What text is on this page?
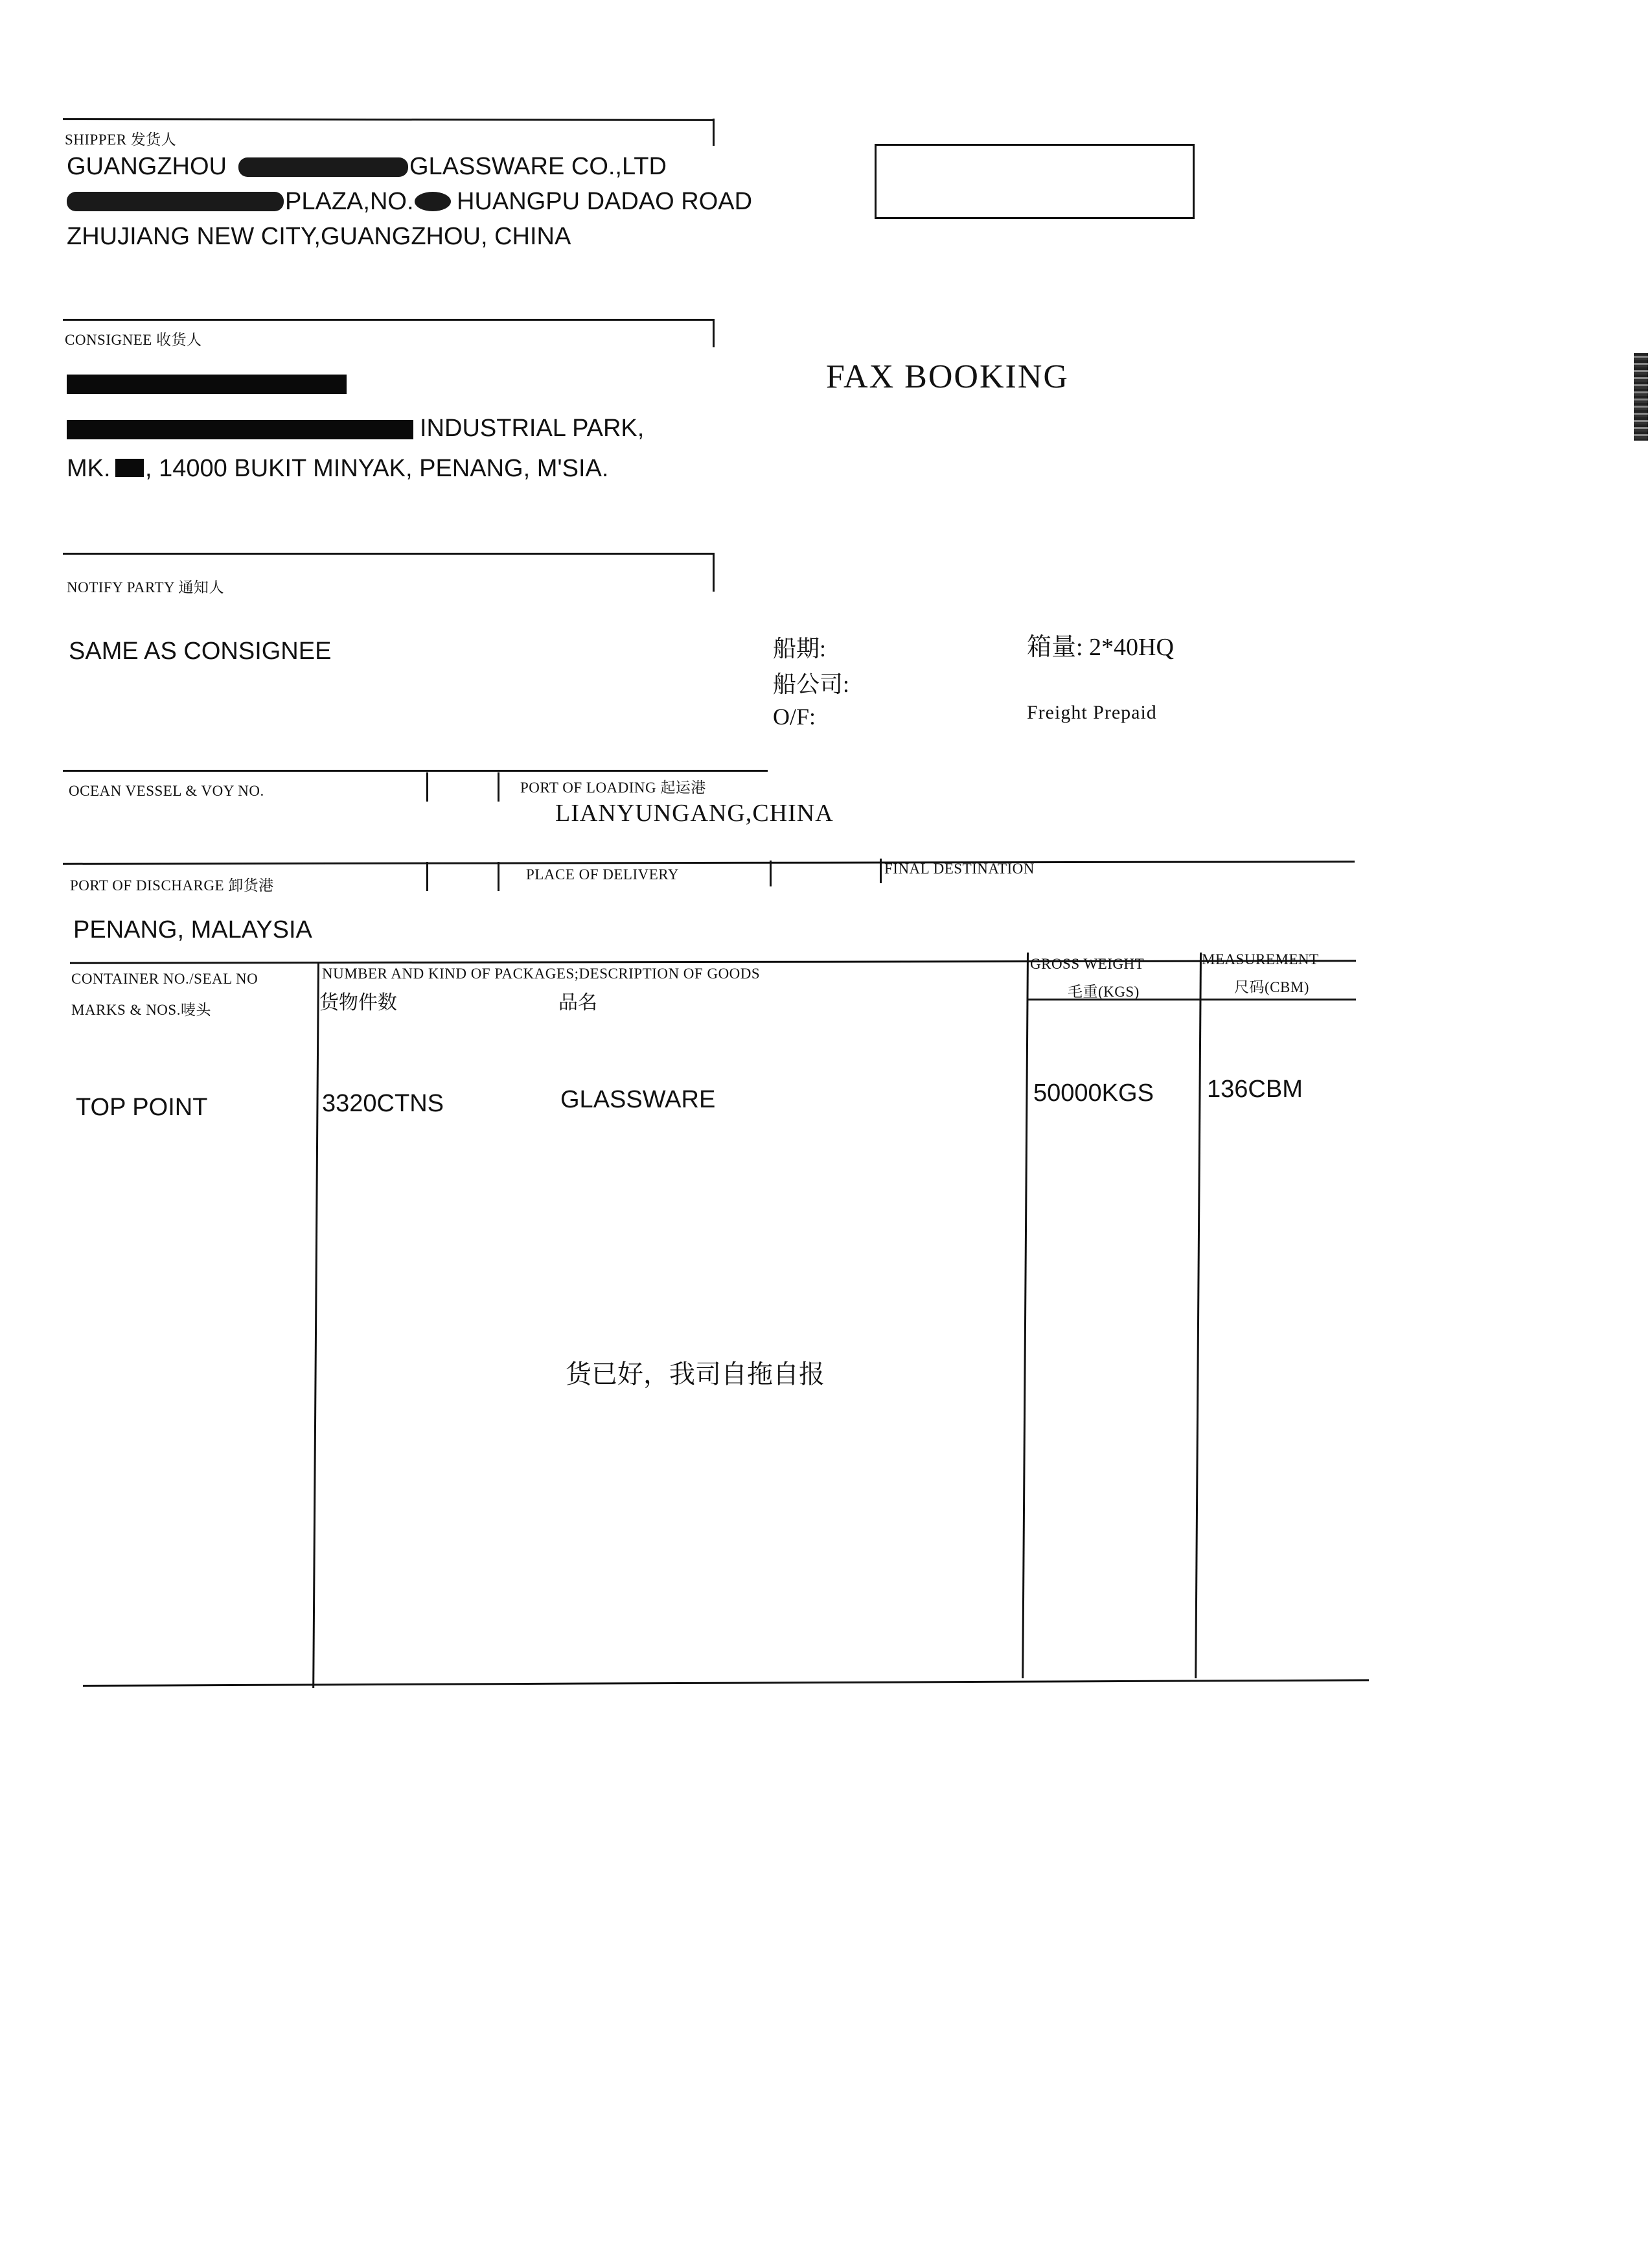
SHIPPER 发货人
GUANGZHOU	GLASSWARE CO.,LTD
PLAZA,NO. HUANGPU DADAO ROAD
ZHUJIANG NEW CITY,GUANGZHOU, CHINA
CONSIGNEE 收货人
INDUSTRIAL PARK,
MK. , 14000 BUKIT MINYAK, PENANG, M'SIA.
FAX BOOKING
NOTIFY PARTY 通知人
SAME AS CONSIGNEE	船期:
船公司:
O/F:
箱量: 2*40HQ
Freight Prepaid
OCEAN VESSEL & VOY NO.	PORT OF LOADING 起运港
LIANYUNGANG,CHINA
PORT OF DISCHARGE 卸货港
PLACE OF DELIVERY	FINAL DESTINATION
PENANG, MALAYSIA
CONTAINER NO./SEAL NO
MARKS & NOS.唛头
NUMBER AND KIND OF PACKAGES;DESCRIPTION OF GOODS
货物件数	品名
GROSS WEIGHT
毛重(KGS)
MEASUREMENT
尺码(CBM)
TOP POINT	3320CTNS	GLASSWARE	50000KGS 136CBM
货已好，我司自拖自报
